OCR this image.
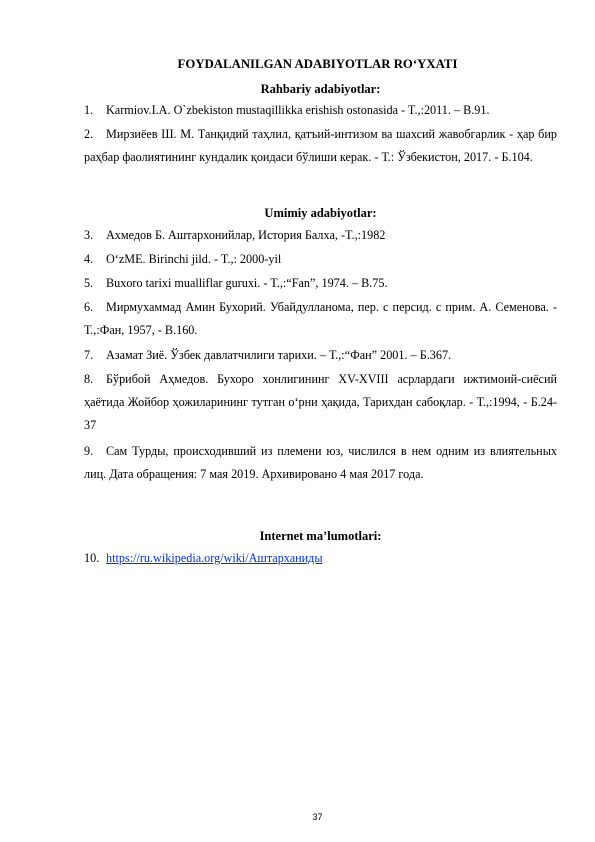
FOYDALANILGAN ADABIYOTLAR RO‘YXATI
Rahbariy adabiyotlar:
1. Karmiov.I.A. O`zbekiston mustaqillikka erishish ostonasida - T.,:2011. – B.91.
2. Мирзиёев Ш. М. Танқидий таҳлил, қатъий-интизом ва шахсий жавобгарлик - ҳар бир раҳбар фаолиятининг кундалик қоидаси бўлиши керак. - Т.: Ўзбекистон, 2017. - Б.104.
Umimiy adabiyotlar:
3. Ахмедов Б. Аштархонийлар, История Балха, -T.,:1982
4. O‘zME. Birinchi jild. - T.,: 2000-yil
5. Buxoro tarixi mualliflar guruxi. - T.,:“Fan”, 1974. – B.75.
6. Мирмухаммад Амин Бухорий. Убайдулланома, пер. с персид. с прим. А. Семенова. - Т.,:Фан, 1957, - B.160.
7. Азамат Зиё. Ўзбек давлатчилиги тарихи. – Т.,:“Фан” 2001. – Б.367.
8. Бўрибой Аҳмедов. Бухоро хонлигининг XV-XVIII асрлардаги ижтимоий-сиёсий ҳаётида Жойбор ҳожиларининг тутган о‘рни ҳақида, Тарихдан сабоқлар. - Т.,:1994, - Б.24-37
9. Сам Турды, происходивший из племени юз, числился в нем одним из влиятельных лиц. Дата обращения: 7 мая 2019. Архивировано 4 мая 2017 года.
Internet ma’lumotlari:
10. https://ru.wikipedia.org/wiki/Аштарханиды
37
